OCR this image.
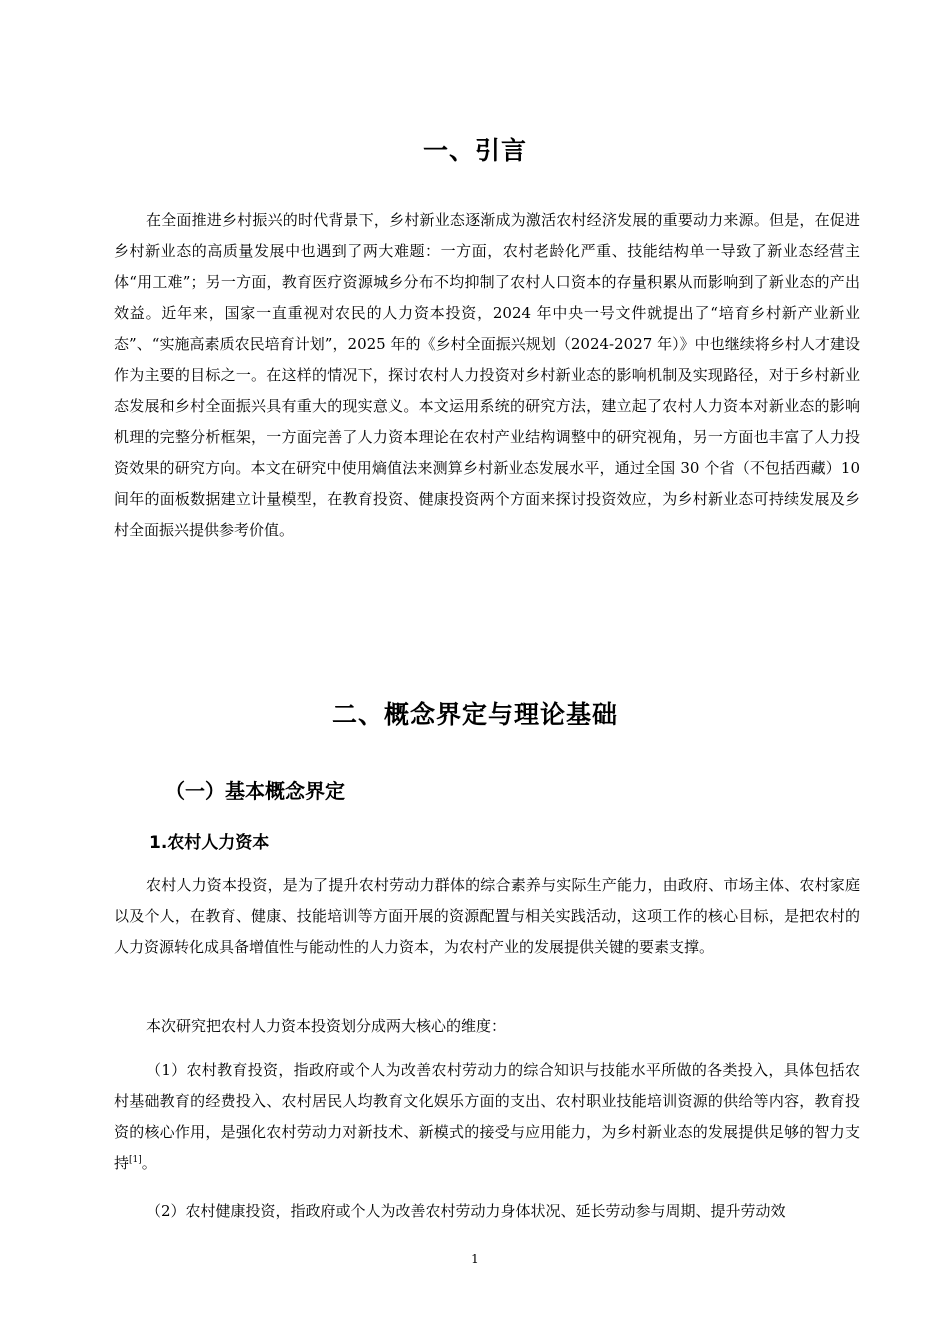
一、引言

在全面推进乡村振兴的时代背景下，乡村新业态逐渐成为激活农村经济发展的重要动力来源。但是，在促进乡村新业态的高质量发展中也遇到了两大难题：一方面，农村老龄化严重、技能结构单一导致了新业态经营主体“用工难”；另一方面，教育医疗资源城乡分布不均抑制了农村人口资本的存量积累从而影响到了新业态的产出效益。近年来，国家一直重视对农民的人力资本投资，2024 年中央一号文件就提出了“培育乡村新产业新业态”、“实施高素质农民培育计划”，2025 年的《乡村全面振兴规划（2024-2027 年）》中也继续将乡村人才建设作为主要的目标之一。在这样的情况下，探讨农村人力投资对乡村新业态的影响机制及实现路径，对于乡村新业态发展和乡村全面振兴具有重大的现实意义。本文运用系统的研究方法，建立起了农村人力资本对新业态的影响机理的完整分析框架，一方面完善了人力资本理论在农村产业结构调整中的研究视角，另一方面也丰富了人力投资效果的研究方向。本文在研究中使用熵值法来测算乡村新业态发展水平，通过全国 30 个省（不包括西藏）10 间年的面板数据建立计量模型，在教育投资、健康投资两个方面来探讨投资效应，为乡村新业态可持续发展及乡村全面振兴提供参考价值。

二、概念界定与理论基础
（一）基本概念界定
1.农村人力资本

农村人力资本投资，是为了提升农村劳动力群体的综合素养与实际生产能力，由政府、市场主体、农村家庭以及个人，在教育、健康、技能培训等方面开展的资源配置与相关实践活动，这项工作的核心目标，是把农村的人力资源转化成具备增值性与能动性的人力资本，为农村产业的发展提供关键的要素支撑。

本次研究把农村人力资本投资划分成两大核心的维度：

（1）农村教育投资，指政府或个人为改善农村劳动力的综合知识与技能水平所做的各类投入，具体包括农村基础教育的经费投入、农村居民人均教育文化娱乐方面的支出、农村职业技能培训资源的供给等内容，教育投资的核心作用，是强化农村劳动力对新技术、新模式的接受与应用能力，为乡村新业态的发展提供足够的智力支持[1]。

（2）农村健康投资，指政府或个人为改善农村劳动力身体状况、延长劳动参与周期、提升劳动效

1
